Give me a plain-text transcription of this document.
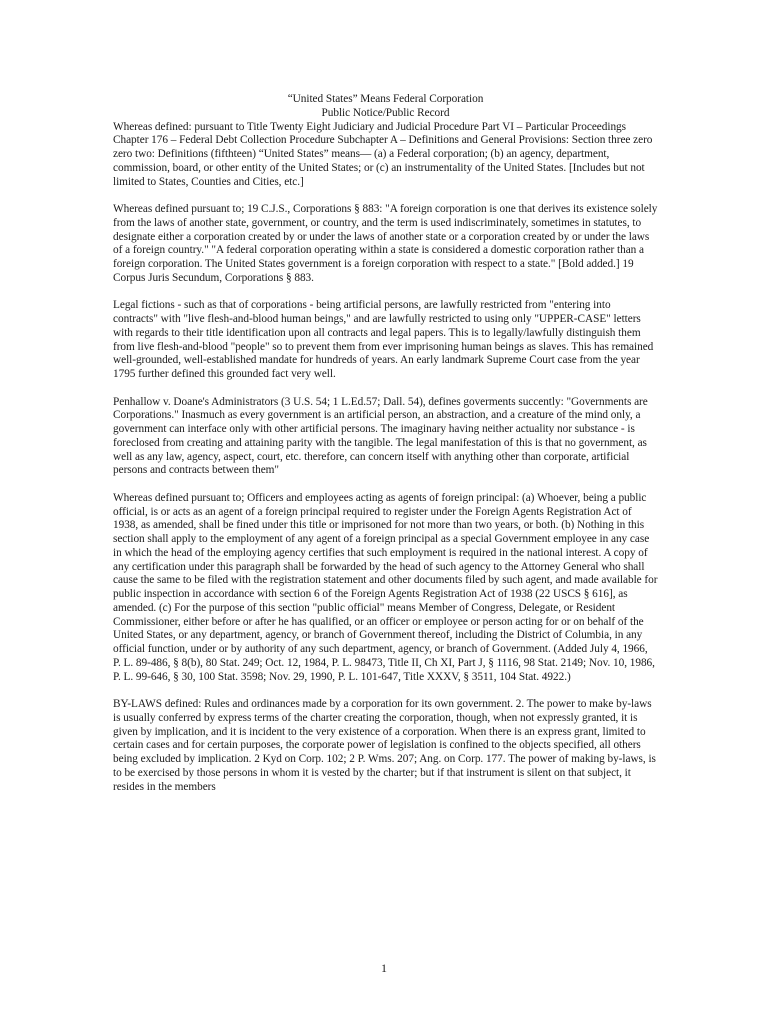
“United States” Means Federal Corporation

Public Notice/Public Record

Whereas defined: pursuant to Title Twenty Eight Judiciary and Judicial Procedure Part VI – Particular Proceedings Chapter 176 – Federal Debt Collection Procedure Subchapter A – Definitions and General Provisions: Section three zero zero two: Definitions (fifthteen) “United States” means— (a) a Federal corporation; (b) an agency, department, commission, board, or other entity of the United States; or (c) an instrumentality of the United States. [Includes but not limited to States, Counties and Cities, etc.]

Whereas defined pursuant to; 19 C.J.S., Corporations § 883: "A foreign corporation is one that derives its existence solely from the laws of another state, government, or country, and the term is used indiscriminately, sometimes in statutes, to designate either a corporation created by or under the laws of another state or a corporation created by or under the laws of a foreign country." "A federal corporation operating within a state is considered a domestic corporation rather than a foreign corporation. The United States government is a foreign corporation with respect to a state." [Bold added.] 19 Corpus Juris Secundum, Corporations § 883.

Legal fictions - such as that of corporations - being artificial persons, are lawfully restricted from "entering into contracts" with "live flesh-and-blood human beings," and are lawfully restricted to using only "UPPER-CASE" letters with regards to their title identification upon all contracts and legal papers. This is to legally/lawfully distinguish them from live flesh-and-blood "people" so to prevent them from ever imprisoning human beings as slaves. This has remained well-grounded, well-established mandate for hundreds of years. An early landmark Supreme Court case from the year 1795 further defined this grounded fact very well.

Penhallow v. Doane's Administrators (3 U.S. 54; 1 L.Ed.57; Dall. 54), defines goverments succently: "Governments are Corporations." Inasmuch as every government is an artificial person, an abstraction, and a creature of the mind only, a government can interface only with other artificial persons. The imaginary having neither actuality nor substance - is foreclosed from creating and attaining parity with the tangible. The legal manifestation of this is that no government, as well as any law, agency, aspect, court, etc. therefore, can concern itself with anything other than corporate, artificial persons and contracts between them"

Whereas defined pursuant to; Officers and employees acting as agents of foreign principal: (a) Whoever, being a public official, is or acts as an agent of a foreign principal required to register under the Foreign Agents Registration Act of 1938, as amended, shall be fined under this title or imprisoned for not more than two years, or both. (b) Nothing in this section shall apply to the employment of any agent of a foreign principal as a special Government employee in any case in which the head of the employing agency certifies that such employment is required in the national interest. A copy of any certification under this paragraph shall be forwarded by the head of such agency to the Attorney General who shall cause the same to be filed with the registration statement and other documents filed by such agent, and made available for public inspection in accordance with section 6 of the Foreign Agents Registration Act of 1938 (22 USCS § 616], as amended. (c) For the purpose of this section "public official" means Member of Congress, Delegate, or Resident Commissioner, either before or after he has qualified, or an officer or employee or person acting for or on behalf of the United States, or any department, agency, or branch of Government thereof, including the District of Columbia, in any official function, under or by authority of any such department, agency, or branch of Government. (Added July 4, 1966, P. L. 89-486, § 8(b), 80 Stat. 249; Oct. 12, 1984, P. L. 98473, Title II, Ch XI, Part J, § 1116, 98 Stat. 2149; Nov. 10, 1986, P. L. 99-646, § 30, 100 Stat. 3598; Nov. 29, 1990, P. L. 101-647, Title XXXV, § 3511, 104 Stat. 4922.)

BY-LAWS defined: Rules and ordinances made by a corporation for its own government. 2. The power to make by-laws is usually conferred by express terms of the charter creating the corporation, though, when not expressly granted, it is given by implication, and it is incident to the very existence of a corporation. When there is an express grant, limited to certain cases and for certain purposes, the corporate power of legislation is confined to the objects specified, all others being excluded by implication. 2 Kyd on Corp. 102; 2 P. Wms. 207; Ang. on Corp. 177. The power of making by-laws, is to be exercised by those persons in whom it is vested by the charter; but if that instrument is silent on that subject, it resides in the members

1
